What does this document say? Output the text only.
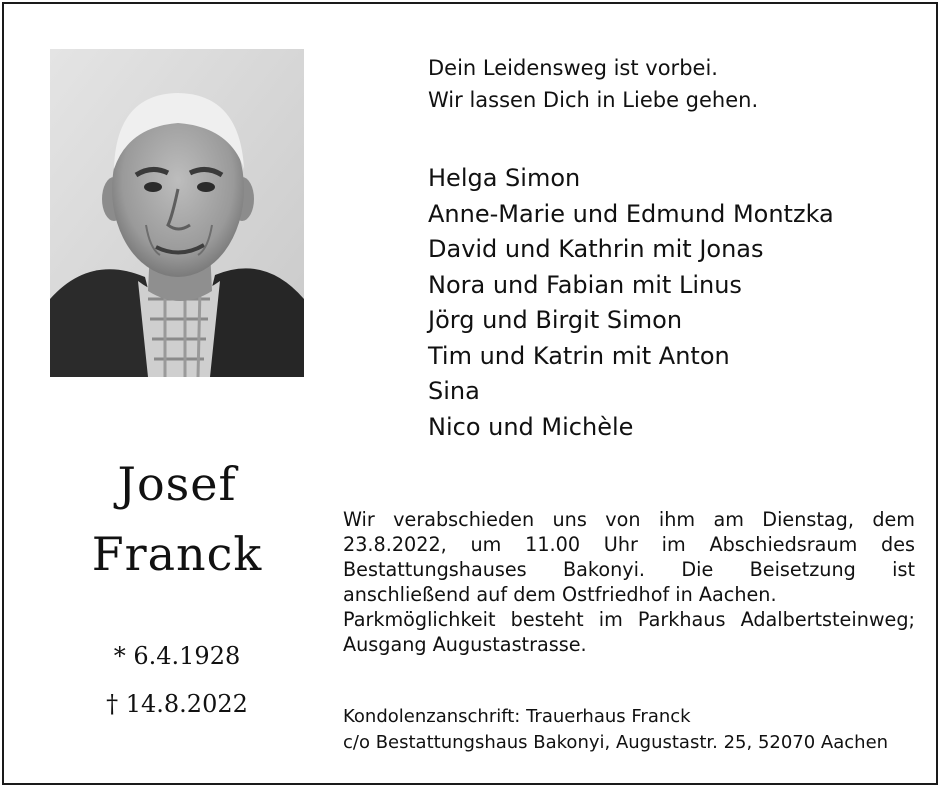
Dein Leidensweg ist vorbei.
Wir lassen Dich in Liebe gehen.
Helga Simon
Anne-Marie und Edmund Montzka
David und Kathrin mit Jonas
Nora und Fabian mit Linus
Jörg und Birgit Simon
Tim und Katrin mit Anton
Sina
Nico und Michèle
Josef
Franck
* 6.4.1928
† 14.8.2022

Wir verabschieden uns von ihm am Dienstag, dem 23.8.2022, um 11.00 Uhr im Abschiedsraum des Bestattungshauses Bakonyi. Die Beisetzung ist anschließend auf dem Ostfriedhof in Aachen.

Parkmöglichkeit besteht im Parkhaus Adalbertsteinweg; Ausgang Augustastrasse.

Kondolenzanschrift: Trauerhaus Franck
c/o Bestattungshaus Bakonyi, Augustastr. 25, 52070 Aachen
